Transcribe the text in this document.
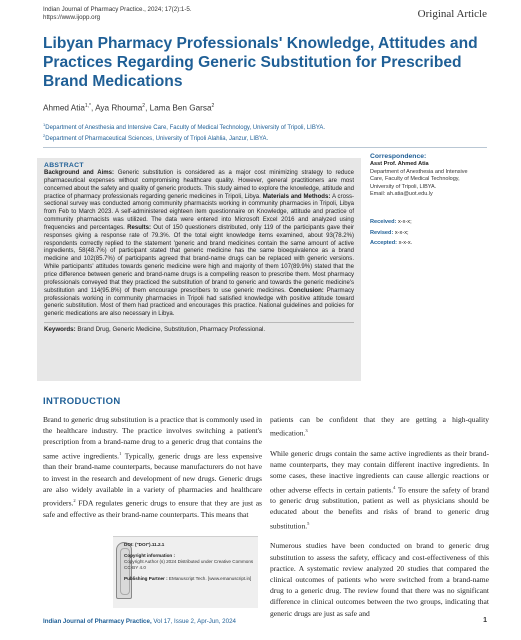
Indian Journal of Pharmacy Practice., 2024; 17(2):1-5.
https://www.ijopp.org	Original Article
Libyan Pharmacy Professionals' Knowledge, Attitudes and Practices Regarding Generic Substitution for Prescribed Brand Medications
Ahmed Atia$^{1,*}$, Aya Rhouma$^2$, Lama Ben Garsa$^2$
$^1$Department of Anesthesia and Intensive Care, Faculty of Medical Technology, University of Tripoli, LIBYA.
$^2$Department of Pharmaceutical Sciences, University of Tripoli Alahlia, Janzur, LIBYA.
ABSTRACT
Background and Aims: Generic substitution is considered as a major cost minimizing strategy to reduce pharmaceutical expenses without compromising healthcare quality. However, general practitioners are most concerned about the safety and quality of generic products. This study aimed to explore the knowledge, attitude and practice of pharmacy professionals regarding generic medicines in Tripoli, Libya. Materials and Methods: A cross-sectional survey was conducted among community pharmacists working in community pharmacies in Tripoli, Libya from Feb to March 2023. A self-administered eighteen item questionnaire on Knowledge, attitude and practice of community pharmacists was utilized. The data were entered into Microsoft Excel 2016 and analyzed using frequencies and percentages. Results: Out of 150 questioners distributed, only 119 of the participants gave their responses giving a response rate of 79.3%. Of the total eight knowledge items examined, about 93(78.2%) respondents correctly replied to the statement 'generic and brand medicines contain the same amount of active ingredients, 58(48.7%) of participant stated that generic medicine has the same bioequivalence as a brand medicine and 102(85.7%) of participants agreed that brand-name drugs can be replaced with generic versions. While participants' attitudes towards generic medicine were high and majority of them 107(89.9%) stated that the price difference between generic and brand-name drugs is a compelling reason to prescribe them. Most pharmacy professionals conveyed that they practiced the substitution of brand to generic and towards the generic medicine's substitution and 114(95.8%) of them encourage prescribers to use generic medicines. Conclusion: Pharmacy professionals working in community pharmacies in Tripoli had satisfied knowledge with positive attitude toward generic substitution. Most of them had practiced and encourages this practice. National guidelines and policies for generic medications are also necessary in Libya.
Keywords: Brand Drug, Generic Medicine, Substitution, Pharmacy Professional.
Correspondence:
Asst Prof. Ahmed Atia
Department of Anesthesia and Intensive
Care, Faculty of Medical Technology,
University of Tripoli, LIBYA.
Email: ah.atia@uot.edu.ly
Received: x-x-x;
Revised: x-x-x;
Accepted: x-x-x.
INTRODUCTION

Brand to generic drug substitution is a practice that is commonly used in the healthcare industry. The practice involves switching a patient's prescription from a brand-name drug to a generic drug that contains the same active ingredients.$^1$ Typically, generic drugs are less expensive than their brand-name counterparts, because manufacturers do not have to invest in the research and development of new drugs. Generic drugs are also widely available in a variety of pharmacies and healthcare providers.$^2$ FDA regulates generic drugs to ensure that they are just as safe and effective as their brand-name counterparts. This means that

patients can be confident that they are getting a high-quality medication.$^3$

While generic drugs contain the same active ingredients as their brand-name counterparts, they may contain different inactive ingredients. In some cases, these inactive ingredients can cause allergic reactions or other adverse effects in certain patients.$^4$ To ensure the safety of brand to generic drug substitution, patient as well as physicians should be educated about the benefits and risks of brand to generic drug substitution.$^5$

Numerous studies have been conducted on brand to generic drug substitution to assess the safety, efficacy and cost-effectiveness of this practice. A systematic review analyzed 20 studies that compared the clinical outcomes of patients who were switched from a brand-name drug to a generic drug. The review found that there was no significant difference in clinical outcomes between the two groups, indicating that generic drugs are just as safe and

DOI: ("DOI").11.2.1
Copyright information :
Copyright Author (s) 2024 Distributed under Creative Commons CC-BY 4.0
Publishing Partner : EManuscript Tech. [www.emanuscript.in]
Indian Journal of Pharmacy Practice, Vol 17, Issue 2, Apr-Jun, 2024	1
